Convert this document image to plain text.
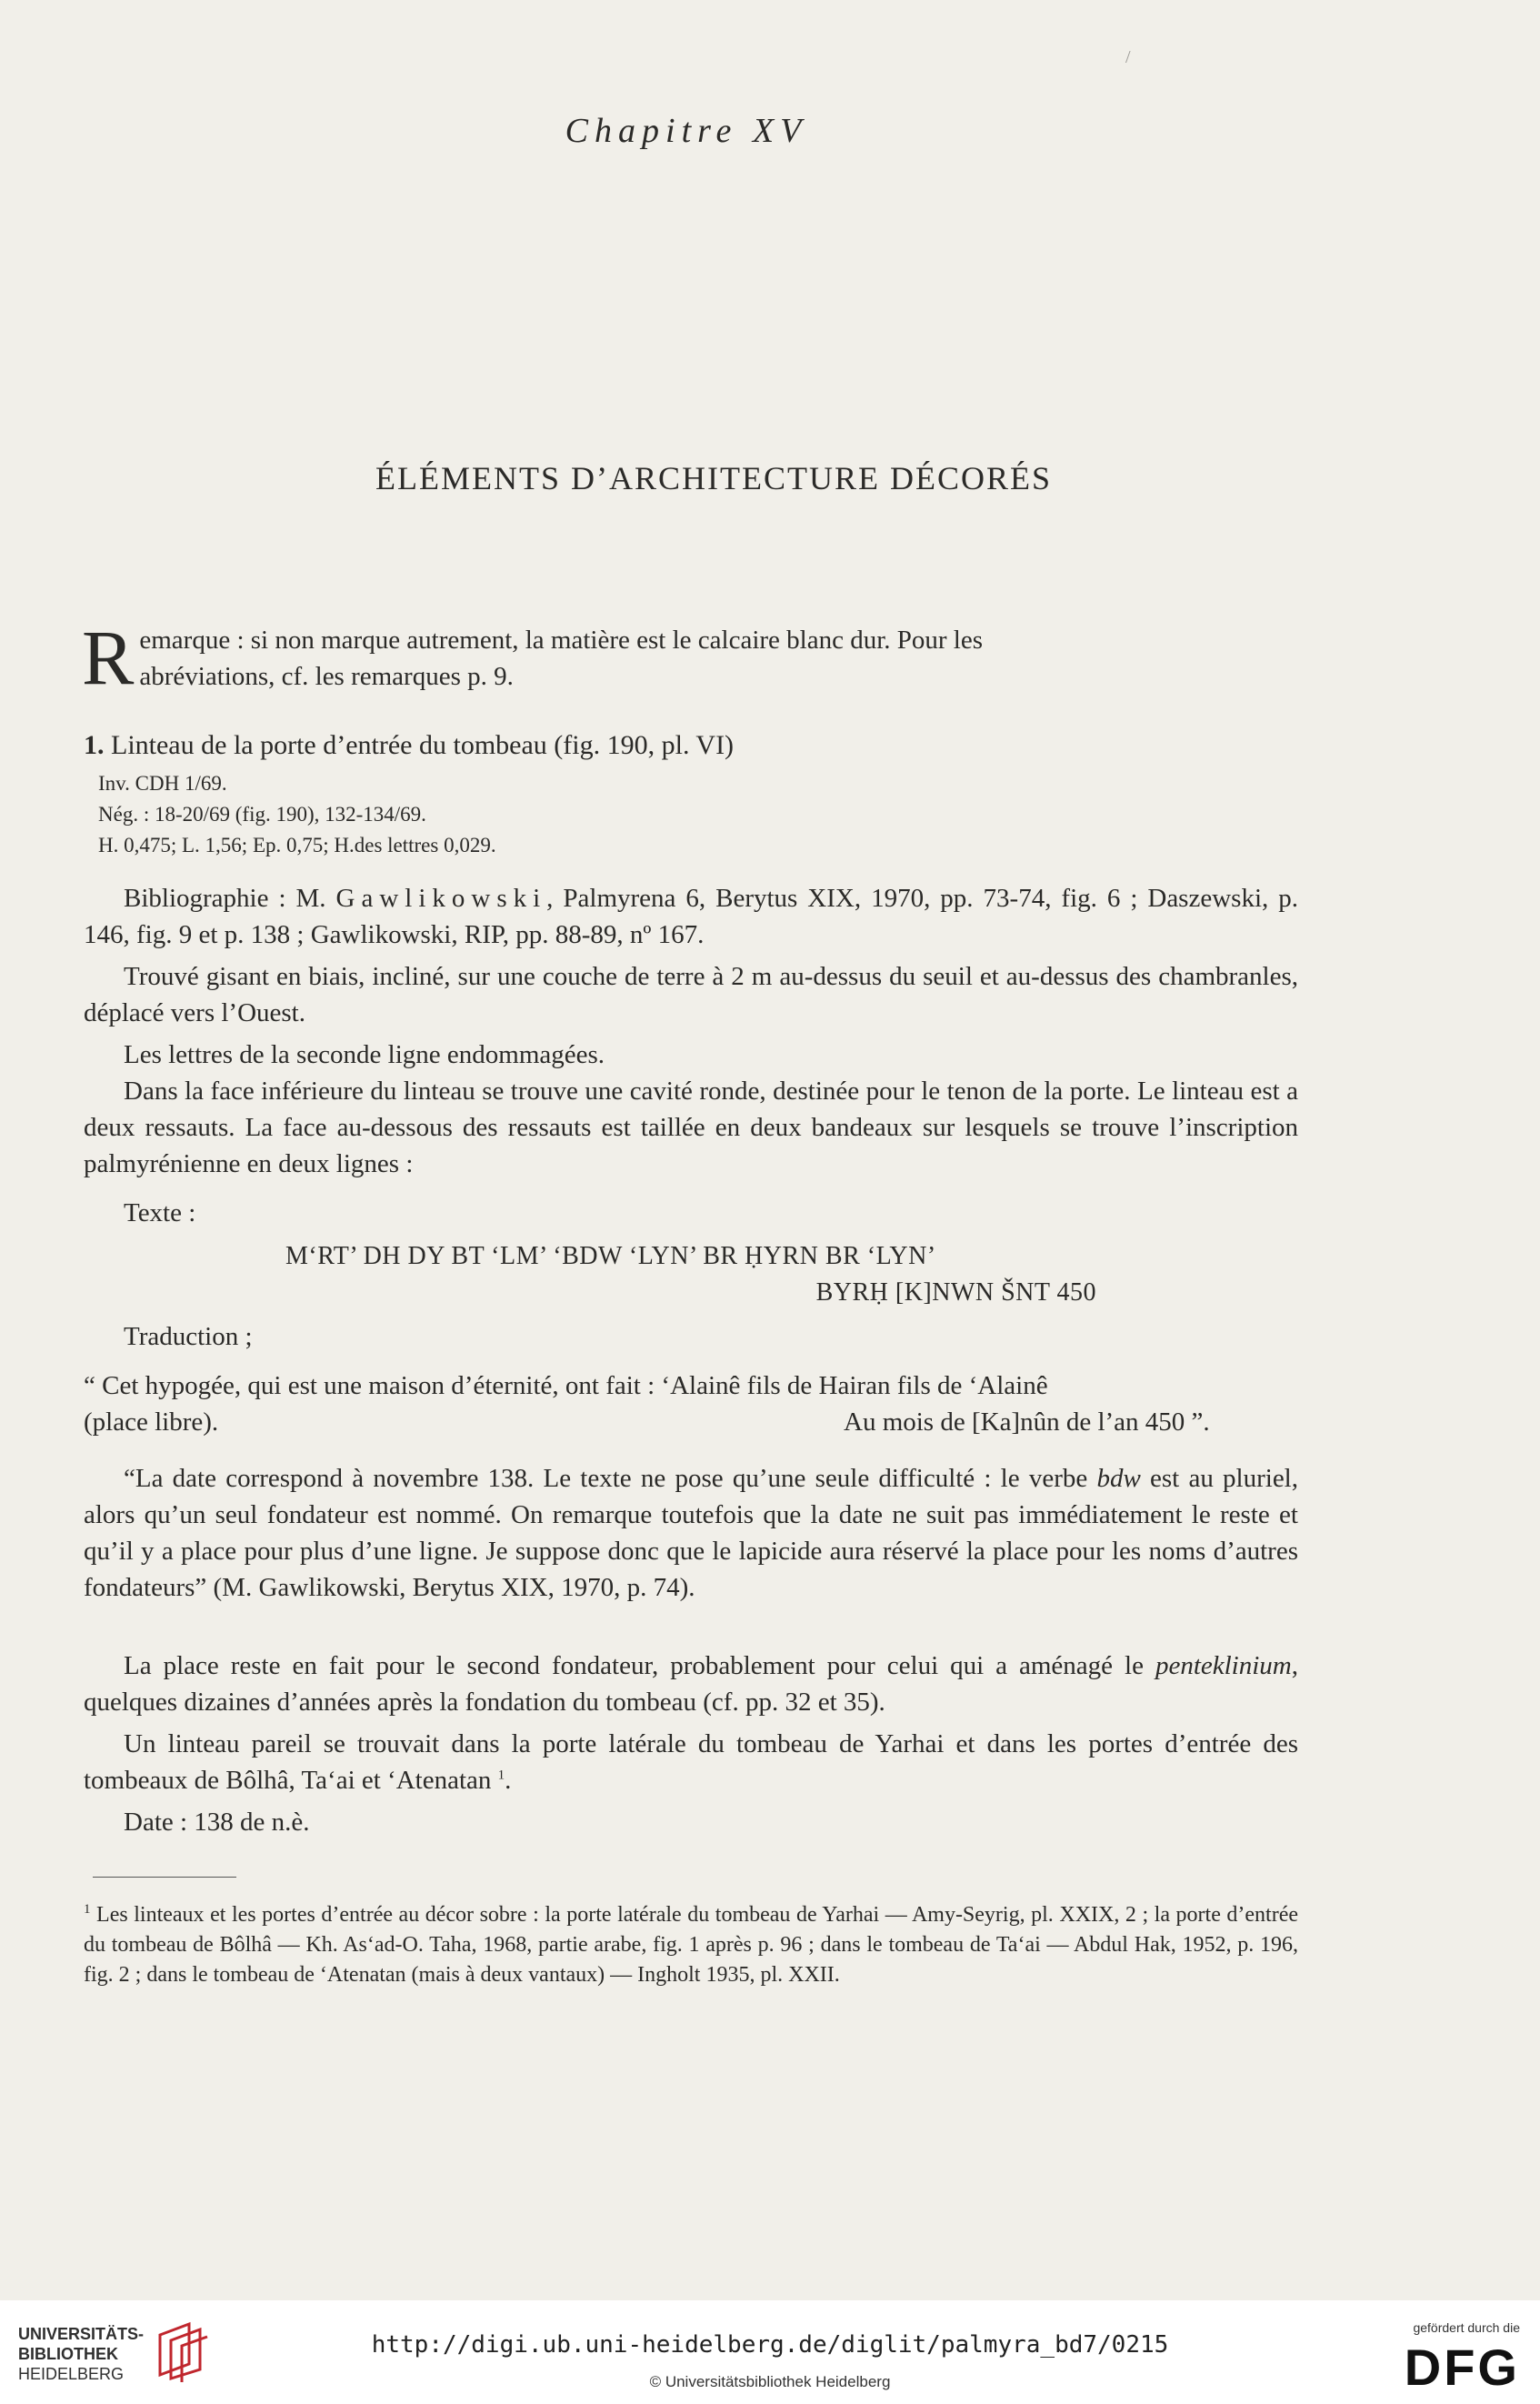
Chapitre XV
ÉLÉMENTS D’ARCHITECTURE DÉCORÉS
Remarque : si non marque autrement, la matière est le calcaire blanc dur. Pour les
abréviations, cf. les remarques p. 9.
1. Linteau de la porte d’entrée du tombeau (fig. 190, pl. VI)
Inv. CDH 1/69.
Nég. : 18-20/69 (fig. 190), 132-134/69.
H. 0,475; L. 1,56; Ep. 0,75; H.des lettres 0,029.
Bibliographie : M. Gawlikowski, Palmyrena 6, Berytus XIX, 1970, pp. 73-74, fig. 6 ; Daszewski, p. 146, fig. 9 et p. 138 ; Gawlikowski, RIP, pp. 88-89, nº 167.
Trouvé gisant en biais, incliné, sur une couche de terre à 2 m au-dessus du seuil et au-dessus des chambranles, déplacé vers l’Ouest.
Les lettres de la seconde ligne endommagées.
Dans la face inférieure du linteau se trouve une cavité ronde, destinée pour le tenon de la porte. Le linteau est a deux ressauts. La face au-dessous des ressauts est taillée en deux bandeaux sur lesquels se trouve l’inscription palmyrénienne en deux lignes :
Texte :
M‘RT’ DH DY BT ‘LM’ ‘BDW ‘LYN’ BR ḤYRN BR ‘LYN’
BYRḤ [K]NWN ŠNT 450
Traduction ;
“ Cet hypogée, qui est une maison d’éternité, ont fait : ‘Alainê fils de Hairan fils de ‘Alainê
(place libre).	Au mois de [Ka]nûn de l’an 450 ”.
“La date correspond à novembre 138. Le texte ne pose qu’une seule difficulté : le verbe bdw est au pluriel, alors qu’un seul fondateur est nommé. On remarque toutefois que la date ne suit pas immédiatement le reste et qu’il y a place pour plus d’une ligne. Je suppose donc que le lapicide aura réservé la place pour les noms d’autres fondateurs” (M. Gawlikowski, Berytus XIX, 1970, p. 74).
La place reste en fait pour le second fondateur, probablement pour celui qui a aménagé le penteklinium, quelques dizaines d’années après la fondation du tombeau (cf. pp. 32 et 35).
Un linteau pareil se trouvait dans la porte latérale du tombeau de Yarhai et dans les portes d’entrée des tombeaux de Bôlhâ, Ta‘ai et ‘Atenatan $^1$.
Date : 138 de n.è.
$^1$ Les linteaux et les portes d’entrée au décor sobre : la porte latérale du tombeau de Yarhai — Amy-Seyrig, pl. XXIX, 2 ; la porte d’entrée du tombeau de Bôlhâ — Kh. As‘ad-O. Taha, 1968, partie arabe, fig. 1 après p. 96 ; dans le tombeau de Ta‘ai — Abdul Hak, 1952, p. 196, fig. 2 ; dans le tombeau de ‘Atenatan (mais à deux vantaux) — Ingholt 1935, pl. XXII.
/
UNIVERSITÄTS-
BIBLIOTHEK
HEIDELBERG
http://digi.ub.uni-heidelberg.de/diglit/palmyra_bd7/0215
© Universitätsbibliothek Heidelberg
gefördert durch die
DFG
